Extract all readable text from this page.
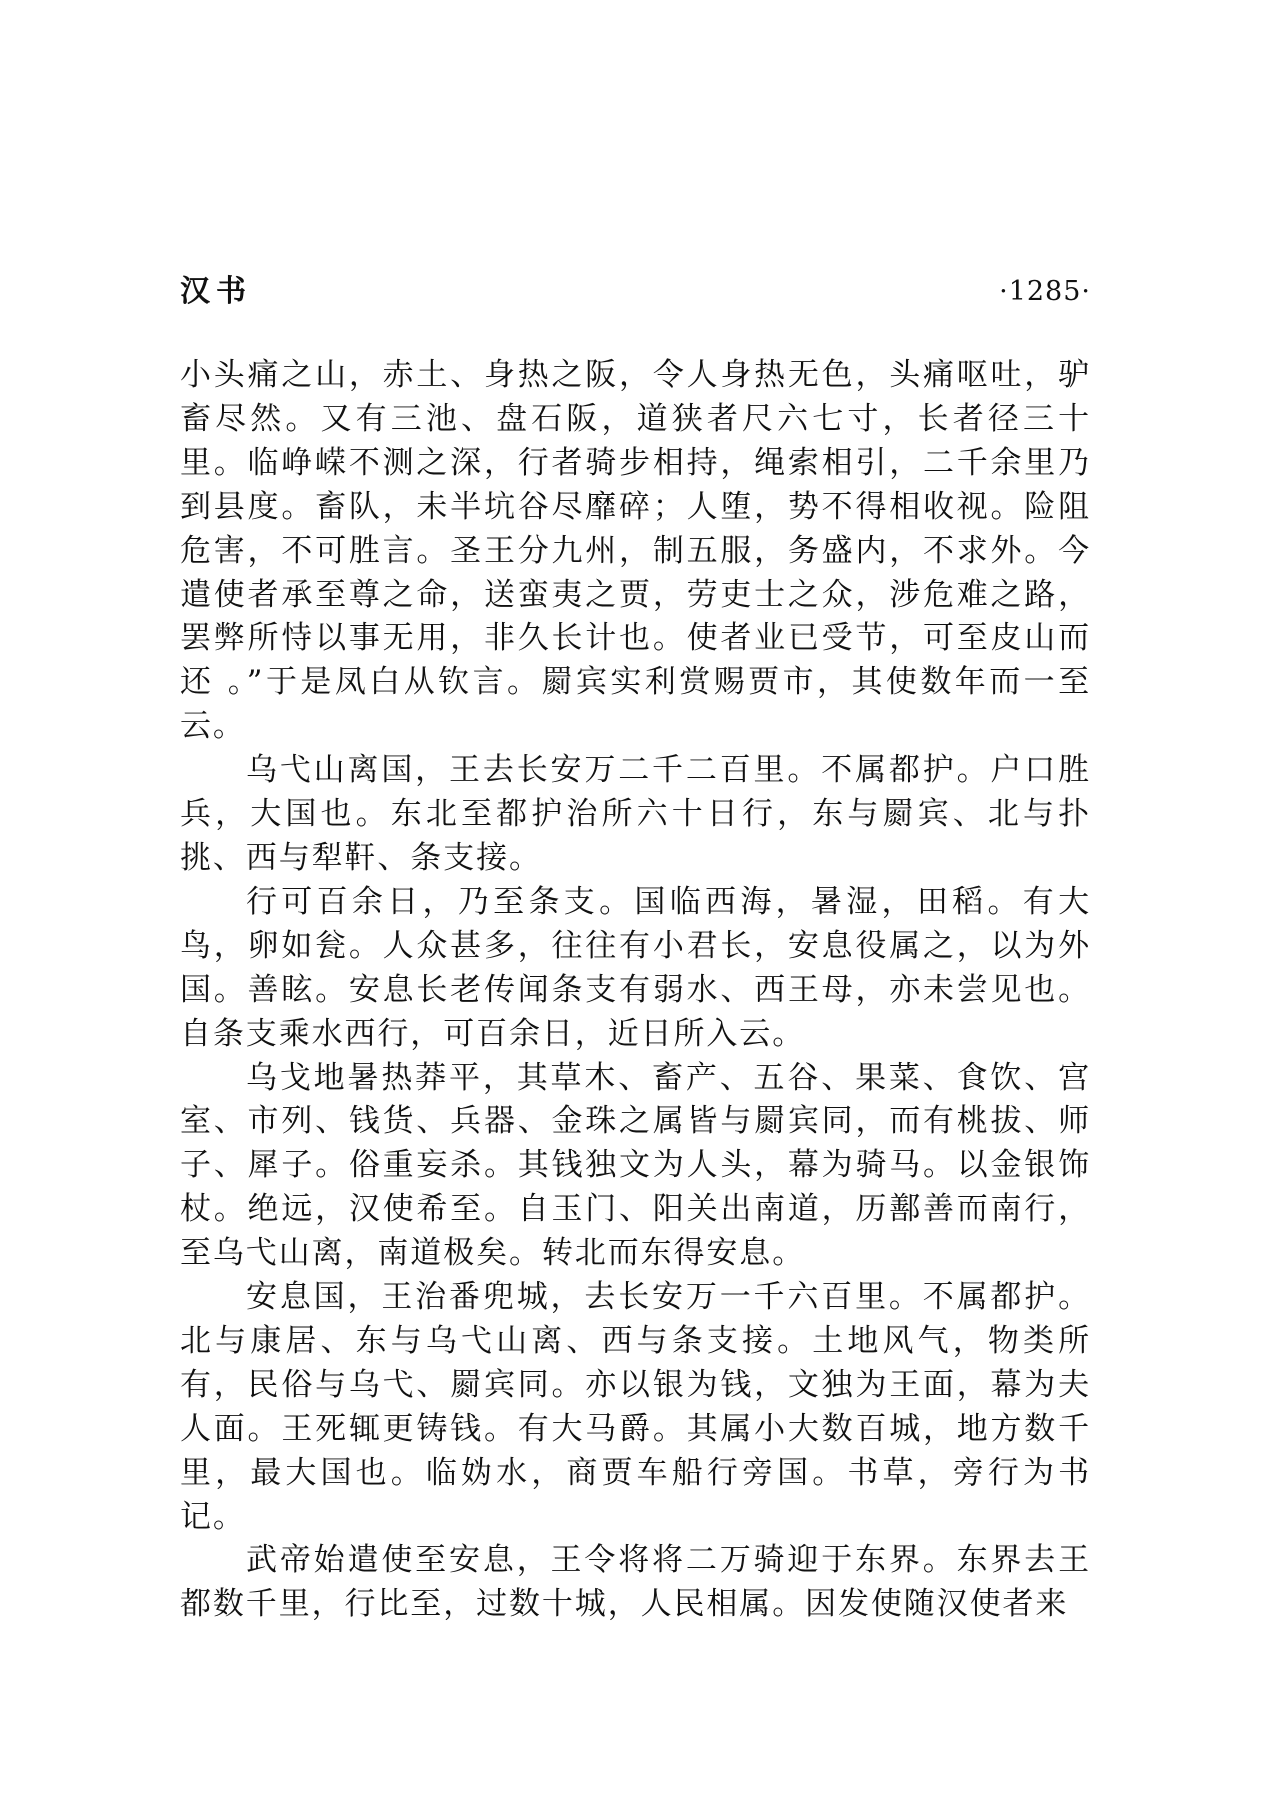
汉书	·1285·

小头痛之山，赤土、身热之阪，令人身热无色，头痛呕吐，驴畜尽然。又有三池、盘石阪，道狭者尺六七寸，长者径三十里。临峥嵘不测之深，行者骑步相持，绳索相引，二千余里乃到县度。畜队，未半坑谷尽靡碎；人堕，势不得相收视。险阻危害，不可胜言。圣王分九州，制五服，务盛内，不求外。今遣使者承至尊之命，送蛮夷之贾，劳吏士之众，涉危难之路，罢弊所恃以事无用，非久长计也。使者业已受节，可至皮山而还 。”于是凤白从钦言。罽宾实利赏赐贾市，其使数年而一至云。

乌弋山离国，王去长安万二千二百里。不属都护。户口胜兵，大国也。东北至都护治所六十日行，东与罽宾、北与扑挑、西与犁靬、条支接。

行可百余日，乃至条支。国临西海，暑湿，田稻。有大鸟，卵如瓮。人众甚多，往往有小君长，安息役属之，以为外国。善眩。安息长老传闻条支有弱水、西王母，亦未尝见也。自条支乘水西行，可百余日，近日所入云。

乌戈地暑热莽平，其草木、畜产、五谷、果菜、食饮、宫室、市列、钱货、兵器、金珠之属皆与罽宾同，而有桃拔、师子、犀子。俗重妄杀。其钱独文为人头，幕为骑马。以金银饰杖。绝远，汉使希至。自玉门、阳关出南道，历鄯善而南行，至乌弋山离，南道极矣。转北而东得安息。

安息国，王治番兜城，去长安万一千六百里。不属都护。北与康居、东与乌弋山离、西与条支接。土地风气，物类所有，民俗与乌弋、罽宾同。亦以银为钱，文独为王面，幕为夫人面。王死辄更铸钱。有大马爵。其属小大数百城，地方数千里，最大国也。临妫水，商贾车船行旁国。书草，旁行为书记。

武帝始遣使至安息，王令将将二万骑迎于东界。东界去王都数千里，行比至，过数十城，人民相属。因发使随汉使者来
